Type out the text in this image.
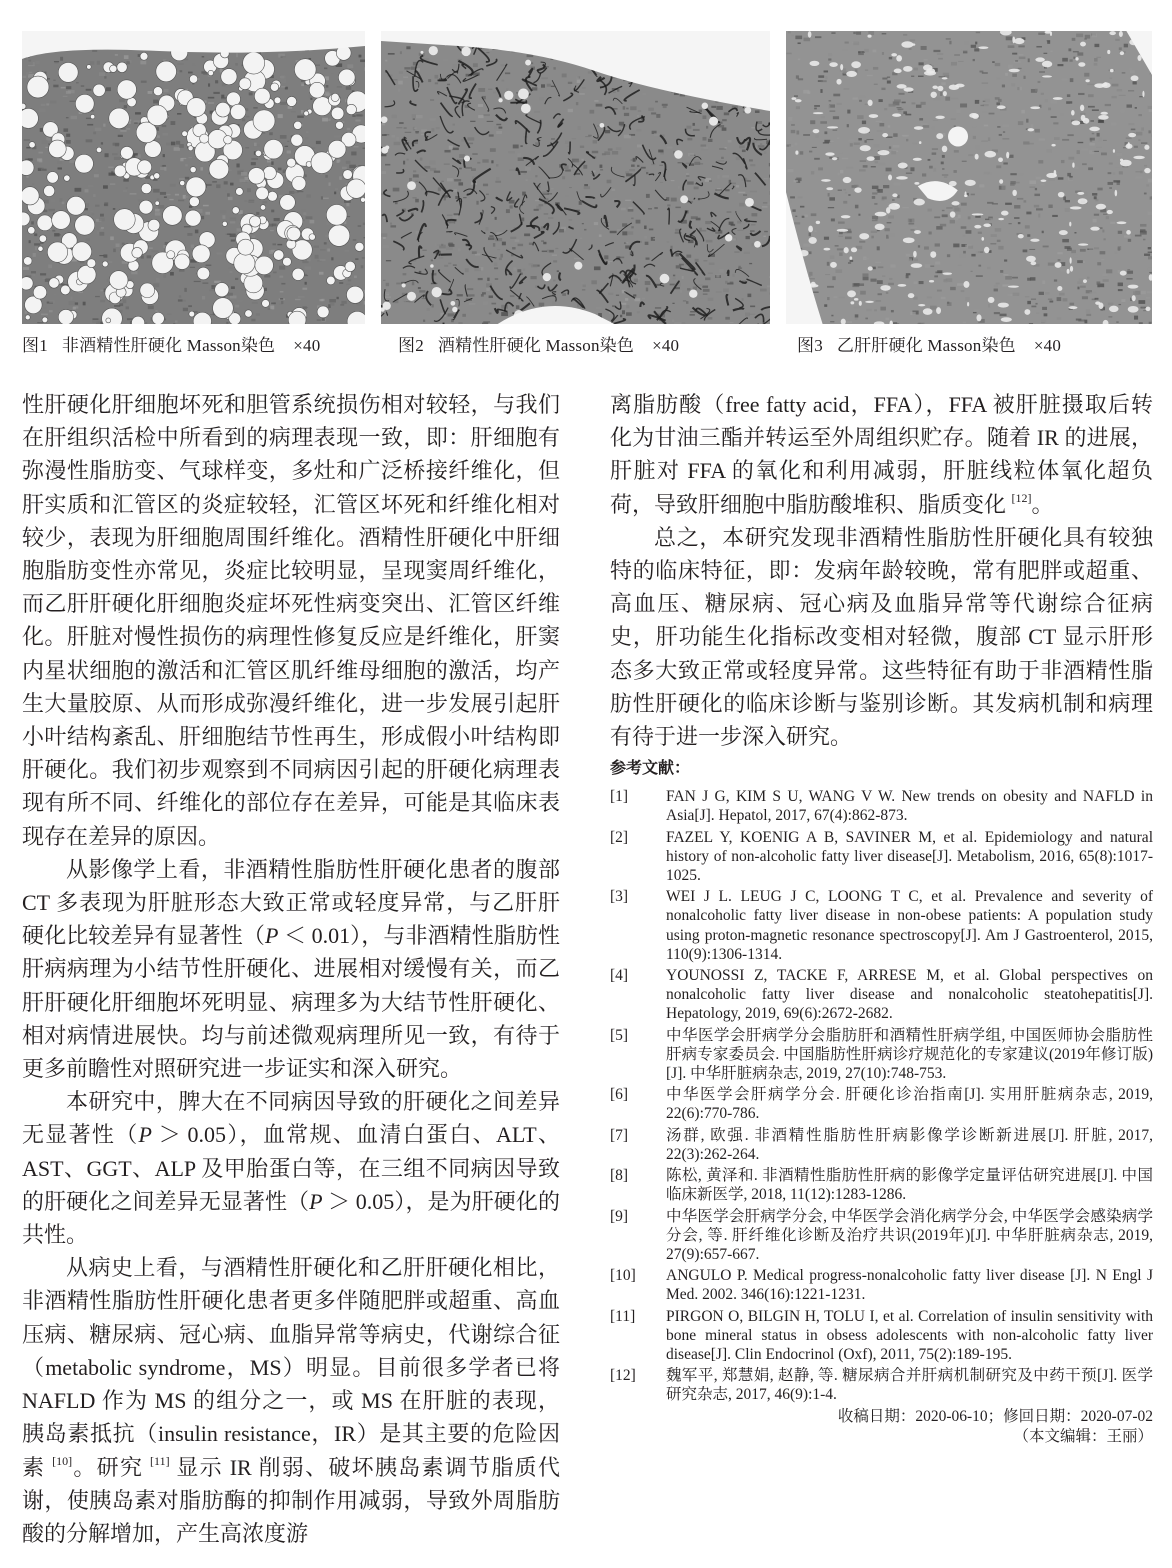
图1 非酒精性肝硬化 Masson染色 ×40	图2 酒精性肝硬化 Masson染色 ×40	图3 乙肝肝硬化 Masson染色 ×40

性肝硬化肝细胞坏死和胆管系统损伤相对较轻，与我们在肝组织活检中所看到的病理表现一致，即：肝细胞有弥漫性脂肪变、气球样变，多灶和广泛桥接纤维化，但肝实质和汇管区的炎症较轻，汇管区坏死和纤维化相对较少，表现为肝细胞周围纤维化。酒精性肝硬化中肝细胞脂肪变性亦常见，炎症比较明显，呈现窦周纤维化，而乙肝肝硬化肝细胞炎症坏死性病变突出、汇管区纤维化。肝脏对慢性损伤的病理性修复反应是纤维化，肝窦内星状细胞的激活和汇管区肌纤维母细胞的激活，均产生大量胶原、从而形成弥漫纤维化，进一步发展引起肝小叶结构紊乱、肝细胞结节性再生，形成假小叶结构即肝硬化。我们初步观察到不同病因引起的肝硬化病理表现有所不同、纤维化的部位存在差异，可能是其临床表现存在差异的原因。

从影像学上看，非酒精性脂肪性肝硬化患者的腹部 CT 多表现为肝脏形态大致正常或轻度异常，与乙肝肝硬化比较差异有显著性（P ＜ 0.01），与非酒精性脂肪性肝病病理为小结节性肝硬化、进展相对缓慢有关，而乙肝肝硬化肝细胞坏死明显、病理多为大结节性肝硬化、相对病情进展快。均与前述微观病理所见一致，有待于更多前瞻性对照研究进一步证实和深入研究。

本研究中，脾大在不同病因导致的肝硬化之间差异无显著性（P ＞ 0.05），血常规、血清白蛋白、ALT、AST、GGT、ALP 及甲胎蛋白等，在三组不同病因导致的肝硬化之间差异无显著性（P ＞ 0.05），是为肝硬化的共性。

从病史上看，与酒精性肝硬化和乙肝肝硬化相比，非酒精性脂肪性肝硬化患者更多伴随肥胖或超重、高血压病、糖尿病、冠心病、血脂异常等病史，代谢综合征（metabolic syndrome，MS）明显。目前很多学者已将 NAFLD 作为 MS 的组分之一，或 MS 在肝脏的表现，胰岛素抵抗（insulin resistance，IR）是其主要的危险因素 [10]。研究 [11] 显示 IR 削弱、破坏胰岛素调节脂质代谢，使胰岛素对脂肪酶的抑制作用减弱，导致外周脂肪酸的分解增加，产生高浓度游

离脂肪酸（free fatty acid，FFA），FFA 被肝脏摄取后转化为甘油三酯并转运至外周组织贮存。随着 IR 的进展，肝脏对 FFA 的氧化和利用减弱，肝脏线粒体氧化超负荷，导致肝细胞中脂肪酸堆积、脂质变化 [12]。

总之，本研究发现非酒精性脂肪性肝硬化具有较独特的临床特征，即：发病年龄较晚，常有肥胖或超重、高血压、糖尿病、冠心病及血脂异常等代谢综合征病史，肝功能生化指标改变相对轻微，腹部 CT 显示肝形态多大致正常或轻度异常。这些特征有助于非酒精性脂肪性肝硬化的临床诊断与鉴别诊断。其发病机制和病理有待于进一步深入研究。

参考文献：
[1]	FAN J G, KIM S U, WANG V W. New trends on obesity and NAFLD in Asia[J]. Hepatol, 2017, 67(4):862-873.
[2]	FAZEL Y, KOENIG A B, SAVINER M, et al. Epidemiology and natural history of non-alcoholic fatty liver disease[J]. Metabolism, 2016, 65(8):1017-1025.
[3]	WEI J L. LEUG J C, LOONG T C, et al. Prevalence and severity of nonalcoholic fatty liver disease in non-obese patients: A population study using proton-magnetic resonance spectroscopy[J]. Am J Gastroenterol, 2015, 110(9):1306-1314.
[4]	YOUNOSSI Z, TACKE F, ARRESE M, et al. Global perspectives on nonalcoholic fatty liver disease and nonalcoholic steatohepatitis[J]. Hepatology, 2019, 69(6):2672-2682.
[5]	中华医学会肝病学分会脂肪肝和酒精性肝病学组, 中国医师协会脂肪性肝病专家委员会. 中国脂肪性肝病诊疗规范化的专家建议(2019年修订版)[J]. 中华肝脏病杂志, 2019, 27(10):748-753.
[6]	中华医学会肝病学分会. 肝硬化诊治指南[J]. 实用肝脏病杂志, 2019, 22(6):770-786.
[7]	汤群, 欧强. 非酒精性脂肪性肝病影像学诊断新进展[J]. 肝脏, 2017, 22(3):262-264.
[8]	陈松, 黄泽和. 非酒精性脂肪性肝病的影像学定量评估研究进展[J]. 中国临床新医学, 2018, 11(12):1283-1286.
[9]	中华医学会肝病学分会, 中华医学会消化病学分会, 中华医学会感染病学分会, 等. 肝纤维化诊断及治疗共识(2019年)[J]. 中华肝脏病杂志, 2019, 27(9):657-667.
[10]	ANGULO P. Medical progress-nonalcoholic fatty liver disease [J]. N Engl J Med. 2002. 346(16):1221-1231.
[11]	PIRGON O, BILGIN H, TOLU I, et al. Correlation of insulin sensitivity with bone mineral status in obsess adolescents with non-alcoholic fatty liver disease[J]. Clin Endocrinol (Oxf), 2011, 75(2):189-195.
[12]	魏军平, 郑慧娟, 赵静, 等. 糖尿病合并肝病机制研究及中药干预[J]. 医学研究杂志, 2017, 46(9):1-4.
收稿日期：2020-06-10；修回日期：2020-07-02
（本文编辑：王丽）
